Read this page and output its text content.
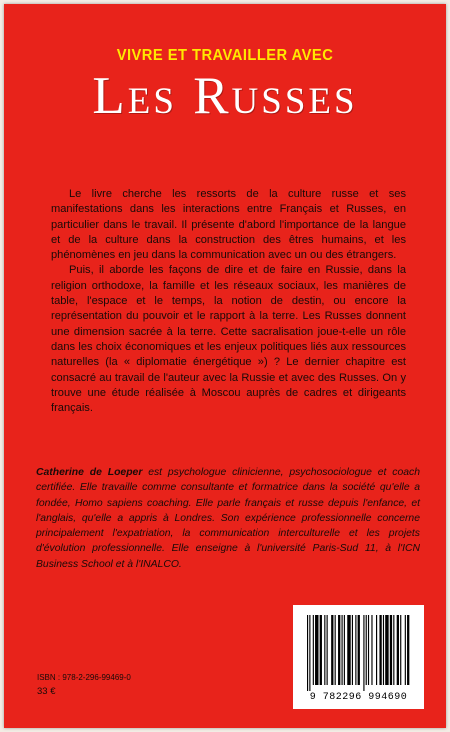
VIVRE ET TRAVAILLER AVEC
Les Russes

Le livre cherche les ressorts de la culture russe et ses manifestations dans les interactions entre Français et Russes, en particulier dans le travail. Il présente d'abord l'importance de la langue et de la culture dans la construction des êtres humains, et les phénomènes en jeu dans la communication avec un ou des étrangers.

Puis, il aborde les façons de dire et de faire en Russie, dans la religion orthodoxe, la famille et les réseaux sociaux, les manières de table, l'espace et le temps, la notion de destin, ou encore la représentation du pouvoir et le rapport à la terre. Les Russes donnent une dimension sacrée à la terre. Cette sacralisation joue-t-elle un rôle dans les choix économiques et les enjeux politiques liés aux ressources naturelles (la « diplomatie énergétique ») ? Le dernier chapitre est consacré au travail de l'auteur avec la Russie et avec des Russes. On y trouve une étude réalisée à Moscou auprès de cadres et dirigeants français.

Catherine de Loeper est psychologue clinicienne, psychosociologue et coach certifiée. Elle travaille comme consultante et formatrice dans la société qu'elle a fondée, Homo sapiens coaching. Elle parle français et russe depuis l'enfance, et l'anglais, qu'elle a appris à Londres. Son expérience professionnelle concerne principalement l'expatriation, la communication interculturelle et les projets d'évolution professionnelle. Elle enseigne à l'université Paris-Sud 11, à l'ICN Business School et à l'INALCO.
ISBN : 978-2-296-99469-0
33 €
9 782296 994690
